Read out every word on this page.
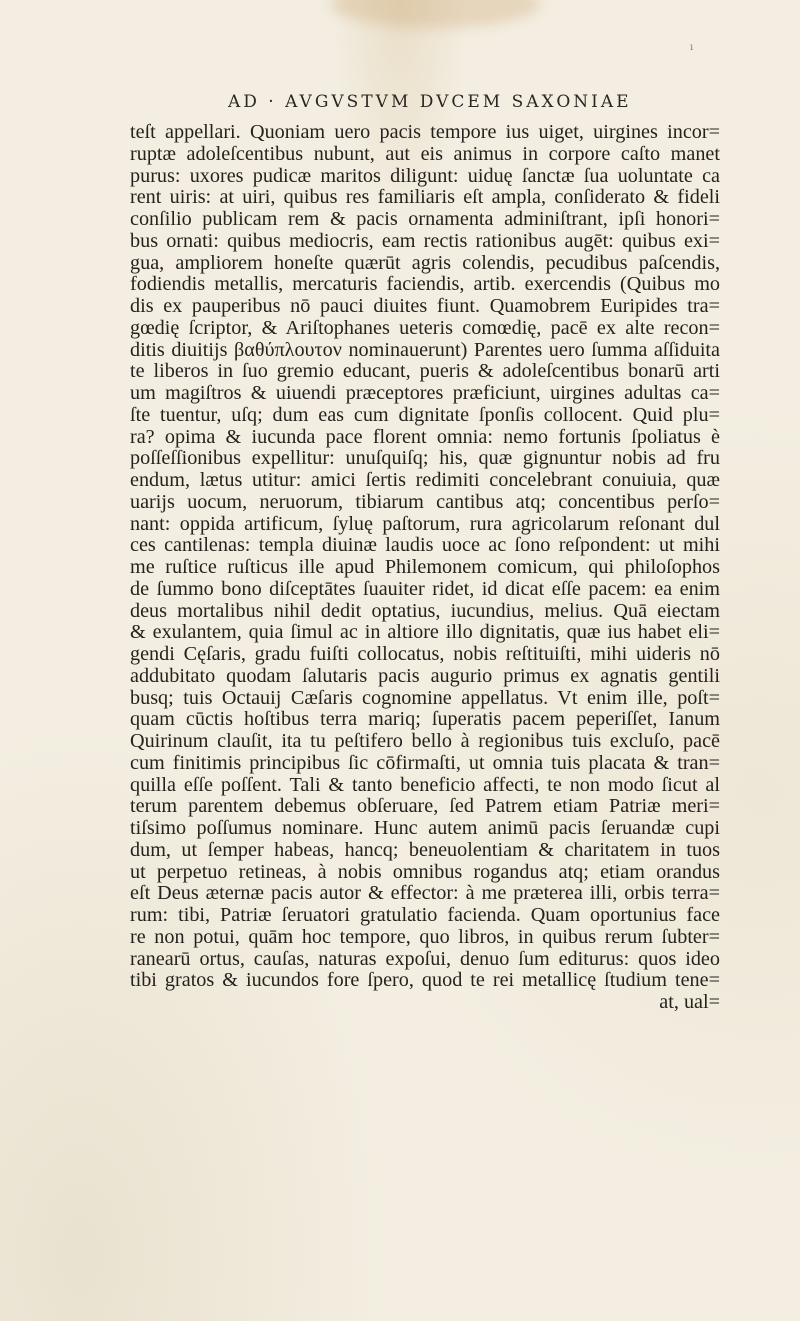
ı
AD · AVGVSTVM DVCEM SAXONIAE
teſt appellari. Quoniam uero pacis tempore ius uiget, uirgines incor=
ruptæ adoleſcentibus nubunt, aut eis animus in corpore caſto manet
purus: uxores pudicæ maritos diligunt: uiduę ſanctæ ſua uoluntate ca
rent uiris: at uiri, quibus res familiaris eſt ampla, conſiderato & fideli
conſilio publicam rem & pacis ornamenta adminiſtrant, ipſi honori=
bus ornati: quibus mediocris, eam rectis rationibus augēt: quibus exi=
gua, ampliorem honeſte quærūt agris colendis, pecudibus paſcendis,
fodiendis metallis, mercaturis faciendis, artib. exercendis (Quibus mo
dis ex pauperibus nō pauci diuites fiunt. Quamobrem Euripides tra=
gœdię ſcriptor, & Ariſtophanes ueteris comœdię, pacē ex alte recon=
ditis diuitijs βαθύπλουτον nominauerunt) Parentes uero ſumma aſſiduita
te liberos in ſuo gremio educant, pueris & adoleſcentibus bonarū arti
um magiſtros & uiuendi præceptores præficiunt, uirgines adultas ca=
ſte tuentur, uſq; dum eas cum dignitate ſponſis collocent. Quid plu=
ra? opima & iucunda pace florent omnia: nemo fortunis ſpoliatus è
poſſeſſionibus expellitur: unuſquiſq; his, quæ gignuntur nobis ad fru
endum, lætus utitur: amici ſertis redimiti concelebrant conuiuia, quæ
uarijs uocum, neruorum, tibiarum cantibus atq; concentibus perſo=
nant: oppida artificum, ſyluę paſtorum, rura agricolarum reſonant dul
ces cantilenas: templa diuinæ laudis uoce ac ſono reſpondent: ut mihi
me ruſtice ruſticus ille apud Philemonem comicum, qui philoſophos
de ſummo bono diſceptātes ſuauiter ridet, id dicat eſſe pacem: ea enim
deus mortalibus nihil dedit optatius, iucundius, melius. Quā eiectam
& exulantem, quia ſimul ac in altiore illo dignitatis, quæ ius habet eli=
gendi Cęſaris, gradu fuiſti collocatus, nobis reſtituiſti, mihi uideris nō
addubitato quodam ſalutaris pacis augurio primus ex agnatis gentili
busq; tuis Octauij Cæſaris cognomine appellatus. Vt enim ille, poſt=
quam cūctis hoſtibus terra mariq; ſuperatis pacem peperiſſet, Ianum
Quirinum clauſit, ita tu peſtifero bello à regionibus tuis excluſo, pacē
cum finitimis principibus ſic cōfirmaſti, ut omnia tuis placata & tran=
quilla eſſe poſſent. Tali & tanto beneficio affecti, te non modo ſicut al
terum parentem debemus obſeruare, ſed Patrem etiam Patriæ meri=
tiſsimo poſſumus nominare. Hunc autem animū pacis ſeruandæ cupi
dum, ut ſemper habeas, hancq; beneuolentiam & charitatem in tuos
ut perpetuo retineas, à nobis omnibus rogandus atq; etiam orandus
eſt Deus æternæ pacis autor & effector: à me præterea illi, orbis terra=
rum: tibi, Patriæ ſeruatori gratulatio facienda. Quam oportunius face
re non potui, quām hoc tempore, quo libros, in quibus rerum ſubter=
ranearū ortus, cauſas, naturas expoſui, denuo ſum editurus: quos ideo
tibi gratos & iucundos fore ſpero, quod te rei metallicę ſtudium tene=
at, ual=
